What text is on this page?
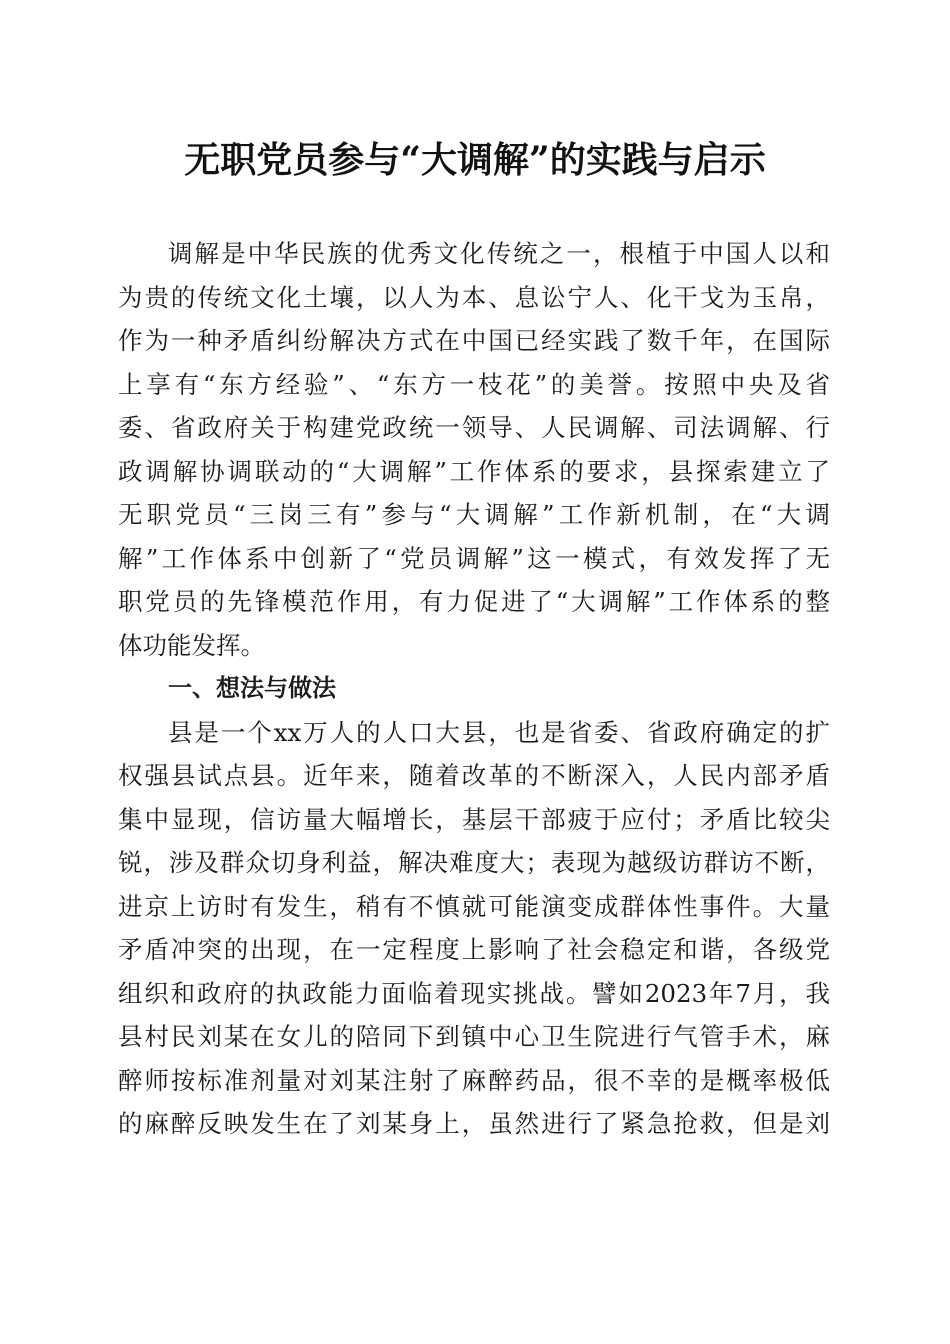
无职党员参与“大调解”的实践与启示
调解是中华民族的优秀文化传统之一，根植于中国人以和
为贵的传统文化土壤，以人为本、息讼宁人、化干戈为玉帛，
作为一种矛盾纠纷解决方式在中国已经实践了数千年，在国际
上享有“东方经验”、“东方一枝花”的美誉。按照中央及省
委、省政府关于构建党政统一领导、人民调解、司法调解、行
政调解协调联动的“大调解”工作体系的要求，县探索建立了
无职党员“三岗三有”参与“大调解”工作新机制，在“大调
解”工作体系中创新了“党员调解”这一模式，有效发挥了无
职党员的先锋模范作用，有力促进了“大调解”工作体系的整
体功能发挥。
一、想法与做法
县是一个xx万人的人口大县，也是省委、省政府确定的扩
权强县试点县。近年来，随着改革的不断深入，人民内部矛盾
集中显现，信访量大幅增长，基层干部疲于应付；矛盾比较尖
锐，涉及群众切身利益，解决难度大；表现为越级访群访不断，
进京上访时有发生，稍有不慎就可能演变成群体性事件。大量
矛盾冲突的出现，在一定程度上影响了社会稳定和谐，各级党
组织和政府的执政能力面临着现实挑战。譬如2023年7月，我
县村民刘某在女儿的陪同下到镇中心卫生院进行气管手术，麻
醉师按标准剂量对刘某注射了麻醉药品，很不幸的是概率极低
的麻醉反映发生在了刘某身上，虽然进行了紧急抢救，但是刘
